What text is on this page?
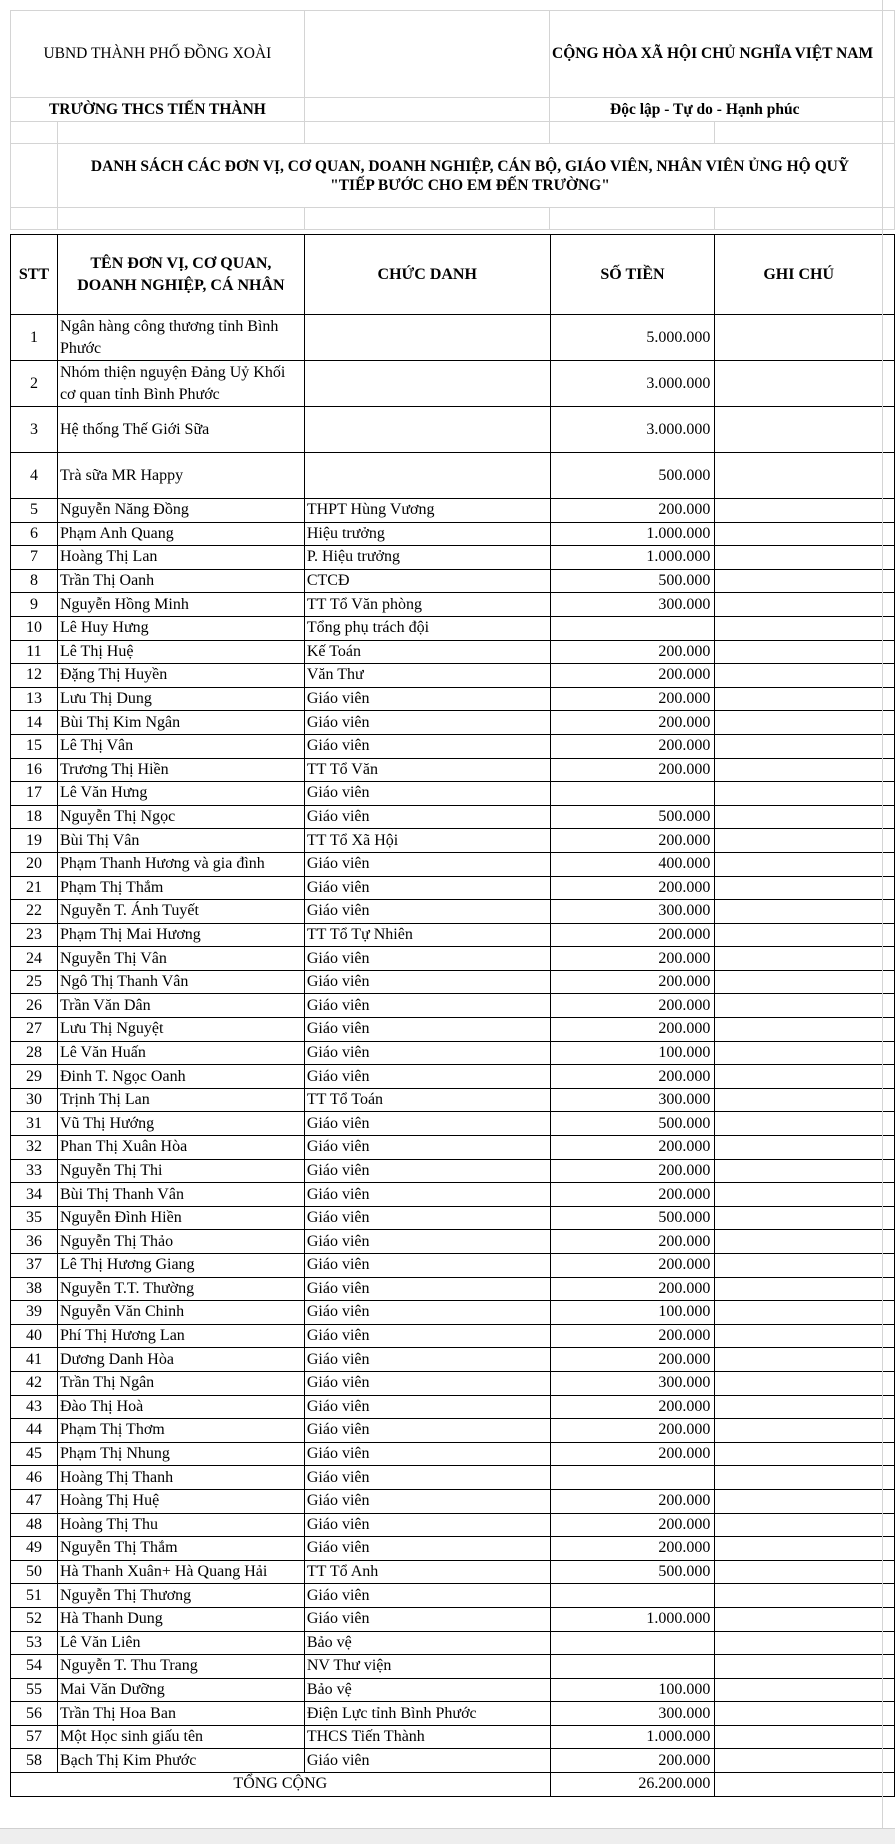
UBND THÀNH PHỐ ĐỒNG XOÀI			CỘNG HÒA XÃ HỘI CHỦ NGHĨA VIỆT NAM		
TRƯỜNG THCS TIẾN THÀNH			Độc lập - Tự do - Hạnh phúc		

	DANH SÁCH CÁC ĐƠN VỊ, CƠ QUAN, DOANH NGHIỆP, CÁN BỘ, GIÁO VIÊN, NHÂN VIÊN ỦNG HỘ QUỸ
"TIẾP BƯỚC CHO EM ĐẾN TRƯỜNG"				

STT	TÊN ĐƠN VỊ, CƠ QUAN, DOANH NGHIỆP, CÁ NHÂN	CHỨC DANH	SỐ TIỀN	GHI CHÚ	
1	Ngân hàng công thương tỉnh Bình Phước		5.000.000		
2	Nhóm thiện nguyện Đảng Uỷ Khối cơ quan tỉnh Bình Phước		3.000.000		
3	Hệ thống Thế Giới Sữa		3.000.000		
4	Trà sữa MR Happy		500.000		
5	Nguyễn Năng Đồng	THPT Hùng Vương	200.000		
6	Phạm Anh Quang	Hiệu trưởng	1.000.000		
7	Hoàng Thị Lan	P. Hiệu trưởng	1.000.000		
8	Trần Thị Oanh	CTCĐ	500.000		
9	Nguyễn Hồng Minh	TT Tổ Văn phòng	300.000		
10	Lê Huy Hưng	Tổng phụ trách đội			
11	Lê Thị Huệ	Kế Toán	200.000		
12	Đặng Thị Huyền	Văn Thư	200.000		
13	Lưu Thị Dung	Giáo viên	200.000		
14	Bùi Thị Kim Ngân	Giáo viên	200.000		
15	Lê Thị Vân	Giáo viên	200.000		
16	Trương Thị Hiền	TT Tổ Văn	200.000		
17	Lê Văn Hưng	Giáo viên			
18	Nguyễn Thị Ngọc	Giáo viên	500.000		
19	Bùi Thị Vân	TT Tổ Xã Hội	200.000		
20	Phạm Thanh Hương và gia đình	Giáo viên	400.000		
21	Phạm Thị Thắm	Giáo viên	200.000		
22	Nguyễn T. Ánh Tuyết	Giáo viên	300.000		
23	Phạm Thị Mai Hương	TT Tổ Tự Nhiên	200.000		
24	Nguyễn Thị Vân	Giáo viên	200.000		
25	Ngô Thị Thanh Vân	Giáo viên	200.000		
26	Trần Văn Dân	Giáo viên	200.000		
27	Lưu Thị Nguyệt	Giáo viên	200.000		
28	Lê Văn Huấn	Giáo viên	100.000		
29	Đinh T. Ngọc Oanh	Giáo viên	200.000		
30	Trịnh Thị Lan	TT Tổ Toán	300.000		
31	Vũ Thị Hướng	Giáo viên	500.000		
32	Phan Thị Xuân Hòa	Giáo viên	200.000		
33	Nguyễn Thị Thi	Giáo viên	200.000		
34	Bùi Thị Thanh Vân	Giáo viên	200.000		
35	Nguyễn Đình Hiền	Giáo viên	500.000		
36	Nguyễn Thị Thảo	Giáo viên	200.000		
37	Lê Thị Hương Giang	Giáo viên	200.000		
38	Nguyễn T.T. Thường	Giáo viên	200.000		
39	Nguyễn Văn Chinh	Giáo viên	100.000		
40	Phí Thị Hương Lan	Giáo viên	200.000		
41	Dương Danh Hòa	Giáo viên	200.000		
42	Trần Thị Ngân	Giáo viên	300.000		
43	Đào Thị Hoà	Giáo viên	200.000		
44	Phạm Thị Thơm	Giáo viên	200.000		
45	Phạm Thị Nhung	Giáo viên	200.000		
46	Hoàng Thị Thanh	Giáo viên			
47	Hoàng Thị Huệ	Giáo viên	200.000		
48	Hoàng Thị Thu	Giáo viên	200.000		
49	Nguyễn Thị Thắm	Giáo viên	200.000		
50	Hà Thanh Xuân+ Hà Quang Hải	TT Tổ Anh	500.000		
51	Nguyễn Thị Thương	Giáo viên			
52	Hà Thanh Dung	Giáo viên	1.000.000		
53	Lê Văn Liên	Bảo vệ			
54	Nguyễn T. Thu Trang	NV Thư viện			
55	Mai Văn Dưỡng	Bảo vệ	100.000		
56	Trần Thị Hoa Ban	Điện Lực tỉnh Bình Phước	300.000		
57	Một Học sinh giấu tên	THCS Tiến Thành	1.000.000		
58	Bạch Thị Kim Phước	Giáo viên	200.000		
TỔNG CỘNG			26.200.000		
